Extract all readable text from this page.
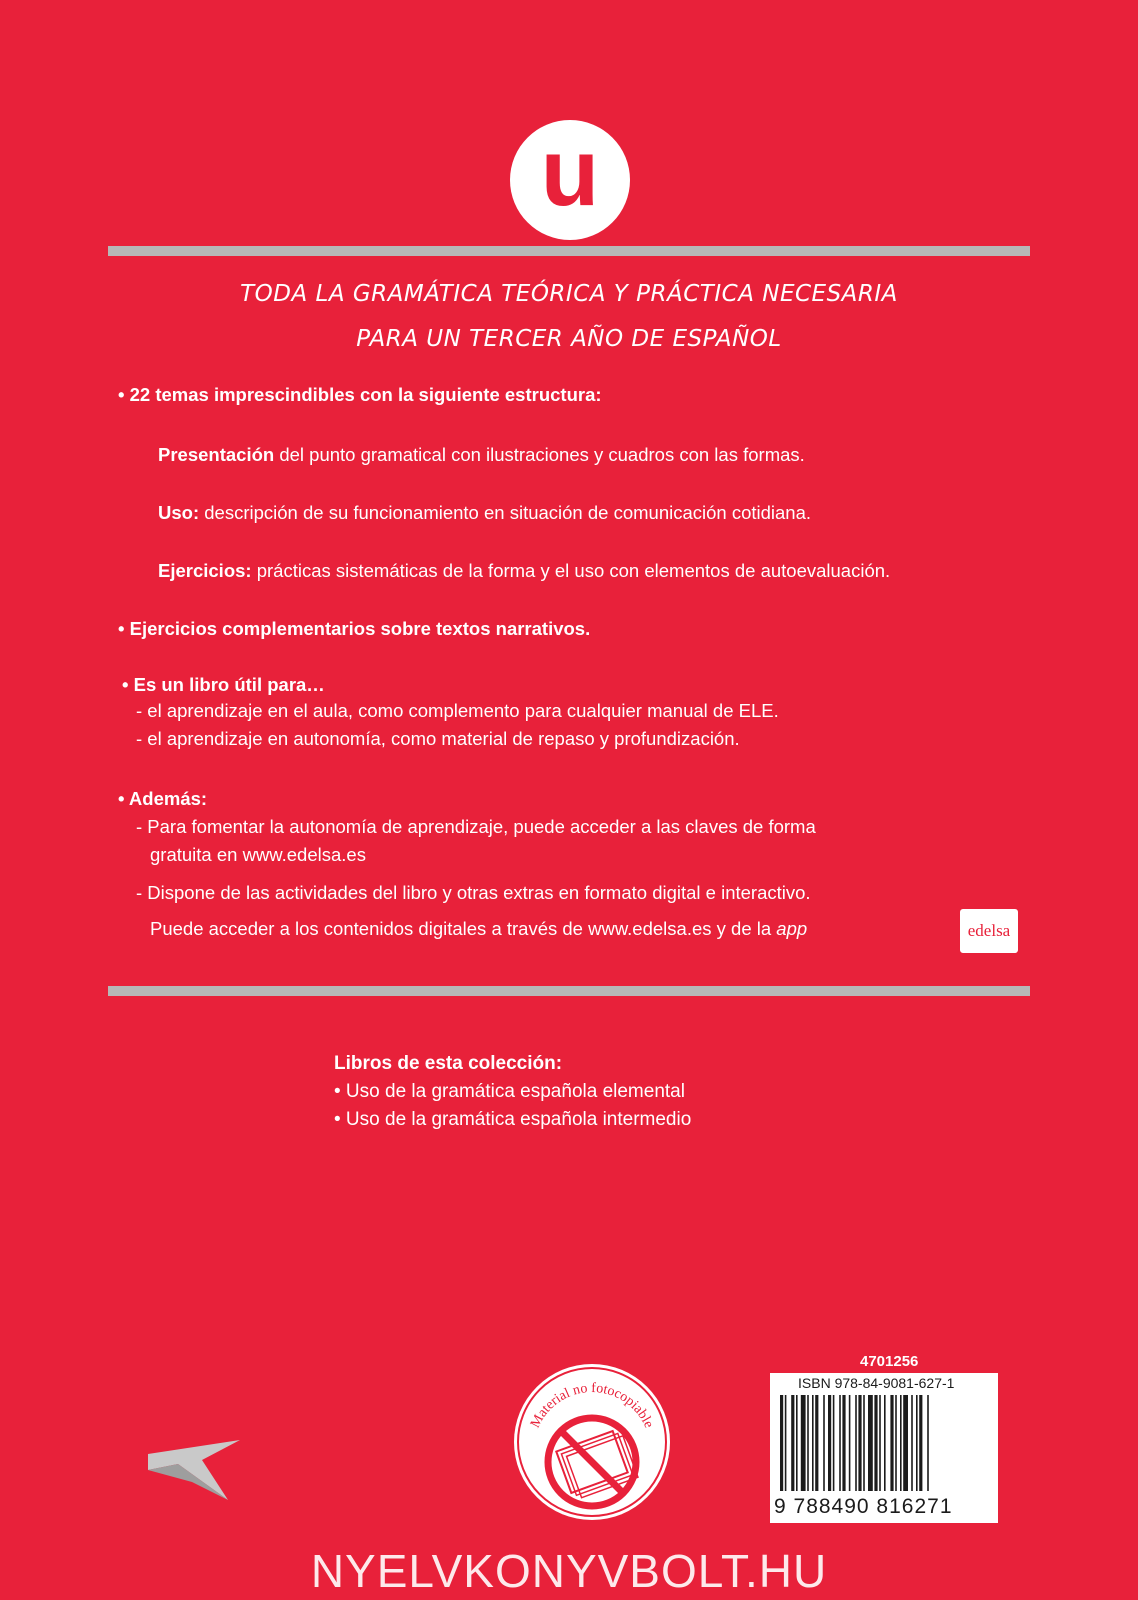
u
TODA LA GRAMÁTICA TEÓRICA Y PRÁCTICA NECESARIA
PARA UN TERCER AÑO DE ESPAÑOL
• 22 temas imprescindibles con la siguiente estructura:
Presentación del punto gramatical con ilustraciones y cuadros con las formas.
Uso: descripción de su funcionamiento en situación de comunicación cotidiana.
Ejercicios: prácticas sistemáticas de la forma y el uso con elementos de autoevaluación.
• Ejercicios complementarios sobre textos narrativos.
• Es un libro útil para…
- el aprendizaje en el aula, como complemento para cualquier manual de ELE.
- el aprendizaje en autonomía, como material de repaso y profundización.
• Además:
- Para fomentar la autonomía de aprendizaje, puede acceder a las claves de forma
gratuita en www.edelsa.es
- Dispone de las actividades del libro y otras extras en formato digital e interactivo.
Puede acceder a los contenidos digitales a través de www.edelsa.es y de la app	edelsa
Libros de esta colección:
• Uso de la gramática española elemental
• Uso de la gramática española intermedio
Material no fotocopiable
4701256
ISBN 978-84-9081-627-1
9 788490 816271
NYELVKONYVBOLT.HU
